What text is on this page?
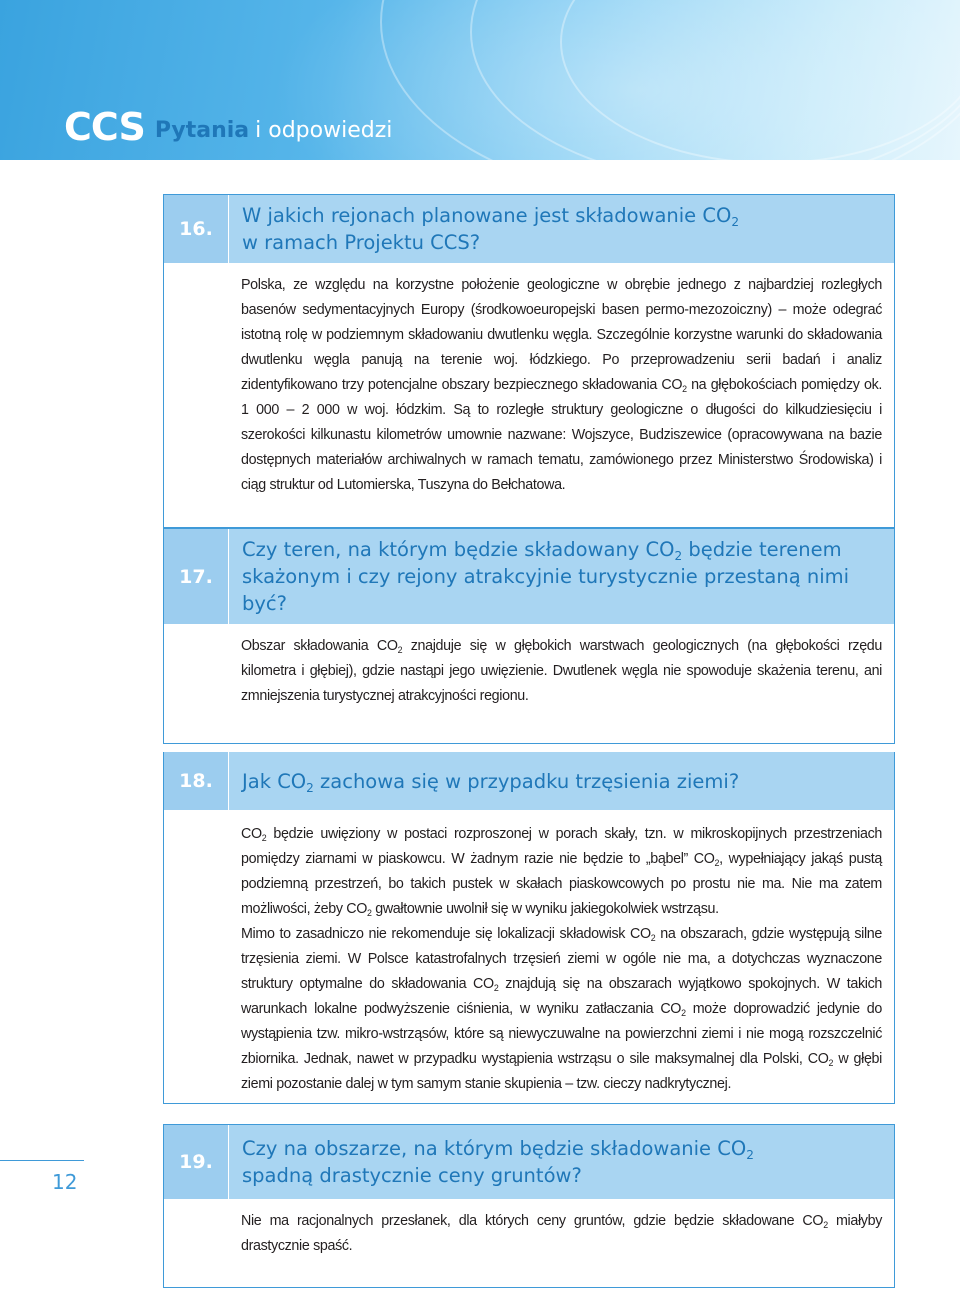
CCS Pytania i odpowiedzi
16.
W jakich rejonach planowane jest składowanie $CO_2$
w ramach Projektu CCS?

Polska, ze względu na korzystne położenie geologiczne w obrębie jednego z najbardziej rozległych basenów sedymentacyjnych Europy (środkowoeuropejski basen permo-mezozoiczny) – może odegrać istotną rolę w podziemnym składowaniu dwutlenku węgla. Szczególnie korzystne warunki do składowania dwutlenku węgla panują na terenie woj. łódzkiego. Po przeprowadzeniu serii badań i analiz zidentyfikowano trzy potencjalne obszary bezpiecznego składowania $CO_2$ na głębokościach pomiędzy ok. 1 000 – 2 000 w woj. łódzkim. Są to rozległe struktury geologiczne o długości do kilkudziesięciu i szerokości kilkunastu kilometrów umownie nazwane: Wojszyce, Budziszewice (opracowywana na bazie dostępnych materiałów archiwalnych w ramach tematu, zamówionego przez Ministerstwo Środowiska) i ciąg struktur od Lutomierska, Tuszyna do Bełchatowa.

17.
Czy teren, na którym będzie składowany $CO_2$ będzie terenem skażonym i czy rejony atrakcyjnie turystycznie przestaną nimi być?

Obszar składowania $CO_2$ znajduje się w głębokich warstwach geologicznych (na głębokości rzędu kilometra i głębiej), gdzie nastąpi jego uwięzienie. Dwutlenek węgla nie spowoduje skażenia terenu, ani zmniejszenia turystycznej atrakcyjności regionu.

18.	Jak $CO_2$ zachowa się w przypadku trzęsienia ziemi?

$CO_2$ będzie uwięziony w postaci rozproszonej w porach skały, tzn. w mikroskopijnych przestrzeniach pomiędzy ziarnami w piaskowcu. W żadnym razie nie będzie to „bąbel” $CO_2$, wypełniający jakąś pustą podziemną przestrzeń, bo takich pustek w skałach piaskowcowych po prostu nie ma. Nie ma zatem możliwości, żeby $CO_2$ gwałtownie uwolnił się w wyniku jakiegokolwiek wstrząsu.

Mimo to zasadniczo nie rekomenduje się lokalizacji składowisk $CO_2$ na obszarach, gdzie występują silne trzęsienia ziemi. W Polsce katastrofalnych trzęsień ziemi w ogóle nie ma, a dotychczas wyznaczone struktury optymalne do składowania $CO_2$ znajdują się na obszarach wyjątkowo spokojnych. W takich warunkach lokalne podwyższenie ciśnienia, w wyniku zatłaczania $CO_2$ może doprowadzić jedynie do wystąpienia tzw. mikro-wstrząsów, które są niewyczuwalne na powierzchni ziemi i nie mogą rozszczelnić zbiornika. Jednak, nawet w przypadku wystąpienia wstrząsu o sile maksymalnej dla Polski, $CO_2$ w głębi ziemi pozostanie dalej w tym samym stanie skupienia – tzw. cieczy nadkrytycznej.

19.
Czy na obszarze, na którym będzie składowanie $CO_2$
spadną drastycznie ceny gruntów?

Nie ma racjonalnych przesłanek, dla których ceny gruntów, gdzie będzie składowane $CO_2$ miałyby drastycznie spaść.

12
